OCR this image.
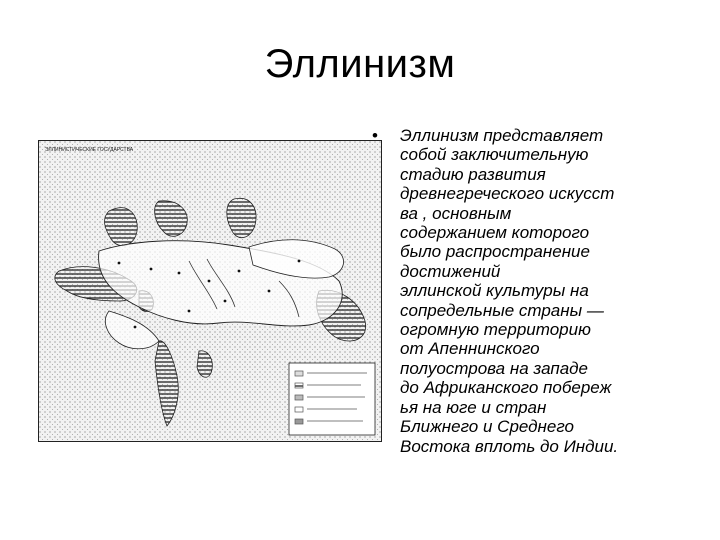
Эллинизм
ЭЛЛИНИСТИЧЕСКИЕ ГОСУДАРСТВА
• Эллинизм представляет
собой заключительную
стадию развития
древнегреческого искусст
ва , основным
содержанием которого
было распространение
достижений
эллинской культуры на
сопредельные страны —
огромную территорию
от Апеннинского
полуострова на западе
до Африканского побереж
ья на юге и стран
Ближнего и Среднего
Востока вплоть до Индии.
